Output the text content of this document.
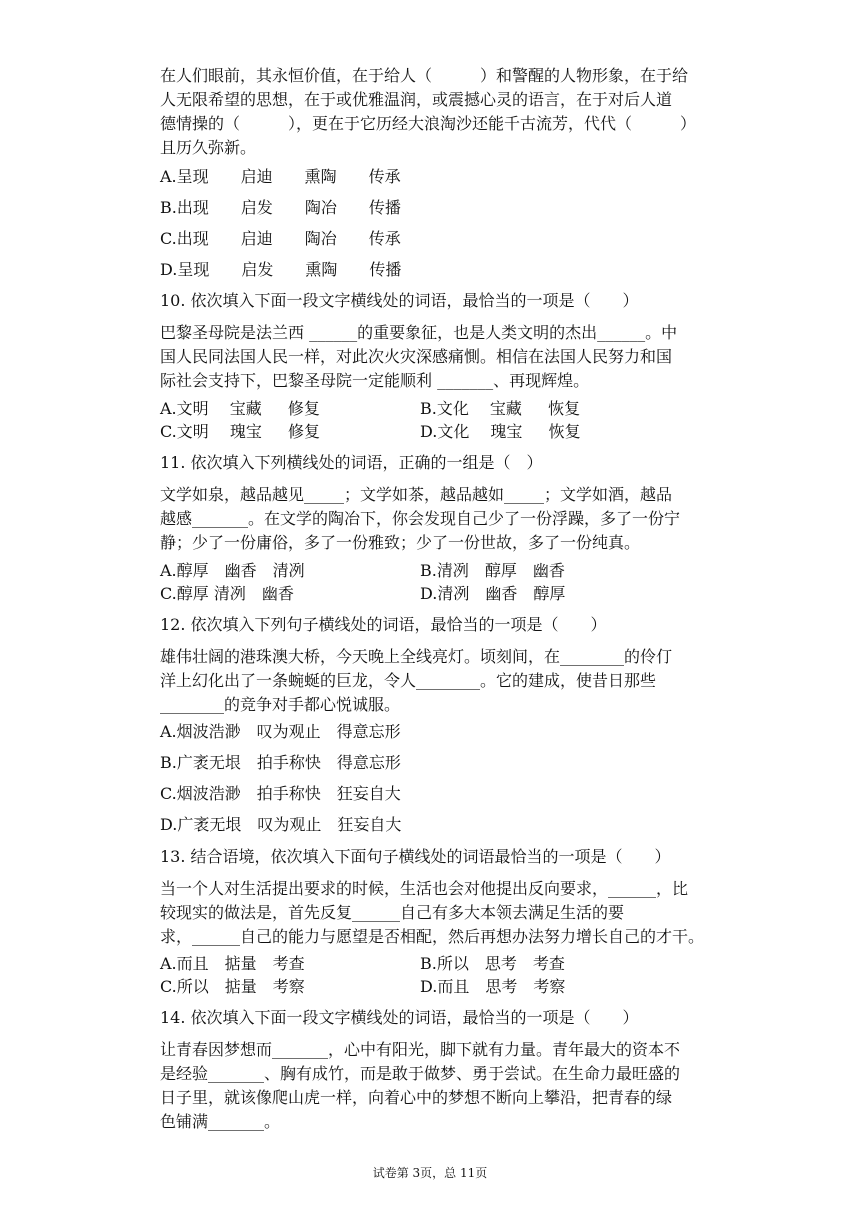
在人们眼前，其永恒价值，在于给人（　　　）和警醒的人物形象，在于给
人无限希望的思想，在于或优雅温润，或震撼心灵的语言，在于对后人道
德情操的（　　　），更在于它历经大浪淘沙还能千古流芳，代代（　　　）
且历久弥新。
A.呈现　　启迪　　熏陶　　传承
B.出现　　启发　　陶冶　　传播
C.出现　　启迪　　陶冶　　传承
D.呈现　　启发　　熏陶　　传播
10. 依次填入下面一段文字横线处的词语，最恰当的一项是（　　）
巴黎圣母院是法兰西 ______的重要象征，也是人类文明的杰出______。中
国人民同法国人民一样，对此次火灾深感痛惻。相信在法国人民努力和国
际社会支持下，巴黎圣母院一定能顺利 _______、再现辉煌。
A.文明　 宝藏 　 修复	B.文化 　宝藏 　 恢复
C.文明　 瑰宝 　 修复	D.文化 　瑰宝 　 恢复
11. 依次填入下列横线处的词语，正确的一组是（　）
文学如泉，越品越见_____；文学如茶，越品越如_____；文学如酒，越品
越感_______。在文学的陶冶下，你会发现自己少了一份浮躁，多了一份宁
静；少了一份庸俗，多了一份雅致；少了一份世故，多了一份纯真。
A.醇厚　幽香　清冽	B.清冽　醇厚　幽香
C.醇厚 清冽　幽香	D.清冽　幽香　醇厚
12. 依次填入下列句子横线处的词语，最恰当的一项是（　　）
雄伟壮阔的港珠澳大桥，今天晚上全线亮灯。顷刻间，在________的伶仃
洋上幻化出了一条蜿蜒的巨龙，令人________。它的建成，使昔日那些
________的竞争对手都心悦诚服。
A.烟波浩渺　叹为观止　得意忘形
B.广袤无垠　拍手称快　得意忘形
C.烟波浩渺　拍手称快　狂妄自大
D.广袤无垠　叹为观止　狂妄自大
13. 结合语境，依次填入下面句子横线处的词语最恰当的一项是（　　）
当一个人对生活提出要求的时候，生活也会对他提出反向要求，______，比
较现实的做法是，首先反复______自己有多大本领去满足生活的要
求，______自己的能力与愿望是否相配，然后再想办法努力增长自己的才干。
A.而且　掂量　考查	B.所以　思考　考查
C.所以　掂量　考察	D.而且　思考　考察
14. 依次填入下面一段文字横线处的词语，最恰当的一项是（　　）
让青春因梦想而_______，心中有阳光，脚下就有力量。青年最大的资本不
是经验_______、胸有成竹，而是敢于做梦、勇于尝试。在生命力最旺盛的
日子里，就该像爬山虎一样，向着心中的梦想不断向上攀沿，把青春的绿
色铺满_______。
试卷第 3页，总 11页
